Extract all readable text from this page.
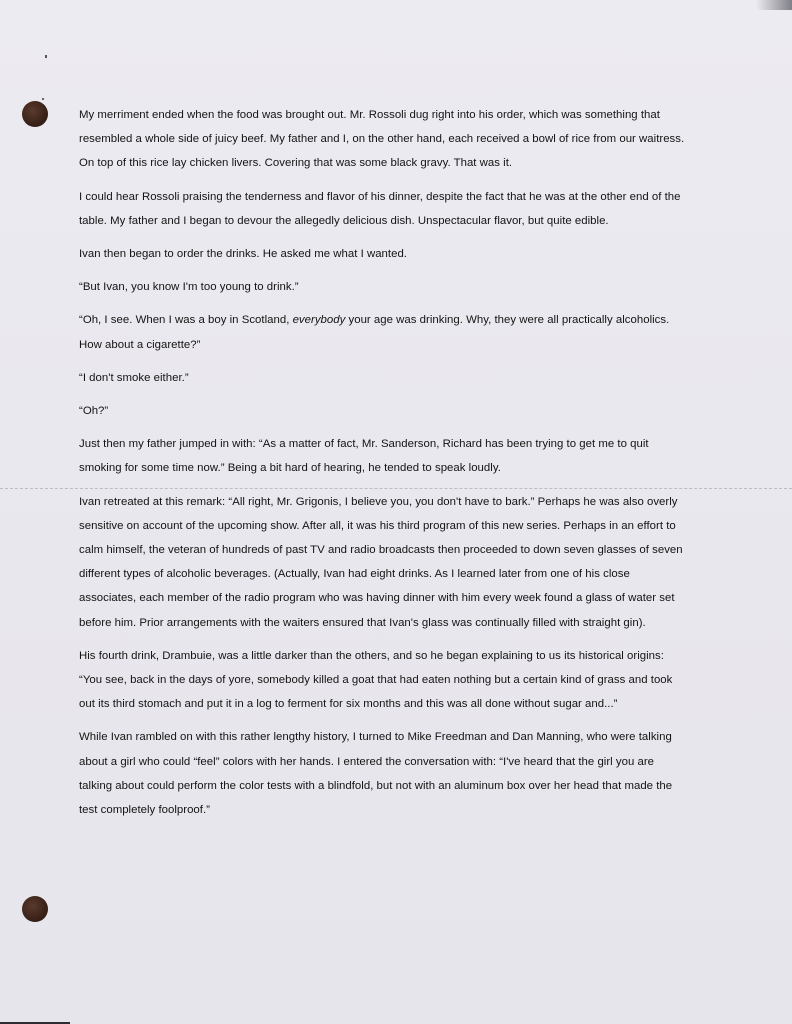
My merriment ended when the food was brought out. Mr. Rossoli dug right into his order, which was something that resembled a whole side of juicy beef. My father and I, on the other hand, each received a bowl of rice from our waitress. On top of this rice lay chicken livers. Covering that was some black gravy. That was it.

I could hear Rossoli praising the tenderness and flavor of his dinner, despite the fact that he was at the other end of the table. My father and I began to devour the allegedly delicious dish. Unspectacular flavor, but quite edible.

Ivan then began to order the drinks. He asked me what I wanted.

“But Ivan, you know I'm too young to drink.”

“Oh, I see. When I was a boy in Scotland, everybody your age was drinking. Why, they were all practically alcoholics. How about a cigarette?”

“I don't smoke either.”

“Oh?”

Just then my father jumped in with: “As a matter of fact, Mr. Sanderson, Richard has been trying to get me to quit smoking for some time now.” Being a bit hard of hearing, he tended to speak loudly.

Ivan retreated at this remark: “All right, Mr. Grigonis, I believe you, you don't have to bark.” Perhaps he was also overly sensitive on account of the upcoming show. After all, it was his third program of this new series. Perhaps in an effort to calm himself, the veteran of hundreds of past TV and radio broadcasts then proceeded to down seven glasses of seven different types of alcoholic beverages. (Actually, Ivan had eight drinks. As I learned later from one of his close associates, each member of the radio program who was having dinner with him every week found a glass of water set before him. Prior arrangements with the waiters ensured that Ivan's glass was continually filled with straight gin).

His fourth drink, Drambuie, was a little darker than the others, and so he began explaining to us its historical origins: “You see, back in the days of yore, somebody killed a goat that had eaten nothing but a certain kind of grass and took out its third stomach and put it in a log to ferment for six months and this was all done without sugar and...”

While Ivan rambled on with this rather lengthy history, I turned to Mike Freedman and Dan Manning, who were talking about a girl who could “feel” colors with her hands. I entered the conversation with: “I've heard that the girl you are talking about could perform the color tests with a blindfold, but not with an aluminum box over her head that made the test completely foolproof.”
